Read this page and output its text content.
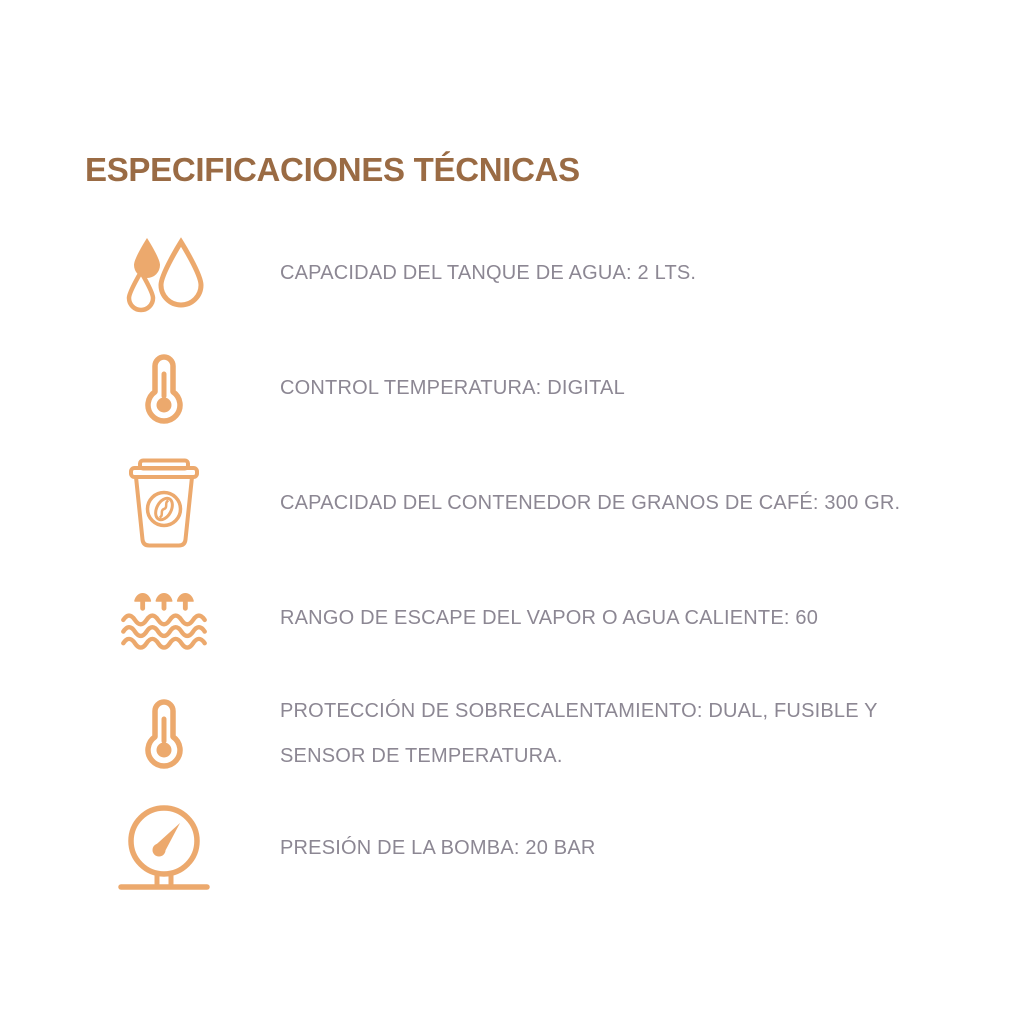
ESPECIFICACIONES TÉCNICAS

CAPACIDAD DEL TANQUE DE AGUA: 2 LTS.

CONTROL TEMPERATURA: DIGITAL

CAPACIDAD DEL CONTENEDOR DE GRANOS DE CAFÉ: 300 GR.

RANGO DE ESCAPE DEL VAPOR O AGUA CALIENTE: 60

PROTECCIÓN DE SOBRECALENTAMIENTO: DUAL, FUSIBLE Y SENSOR DE TEMPERATURA.

PRESIÓN DE LA BOMBA: 20 BAR
